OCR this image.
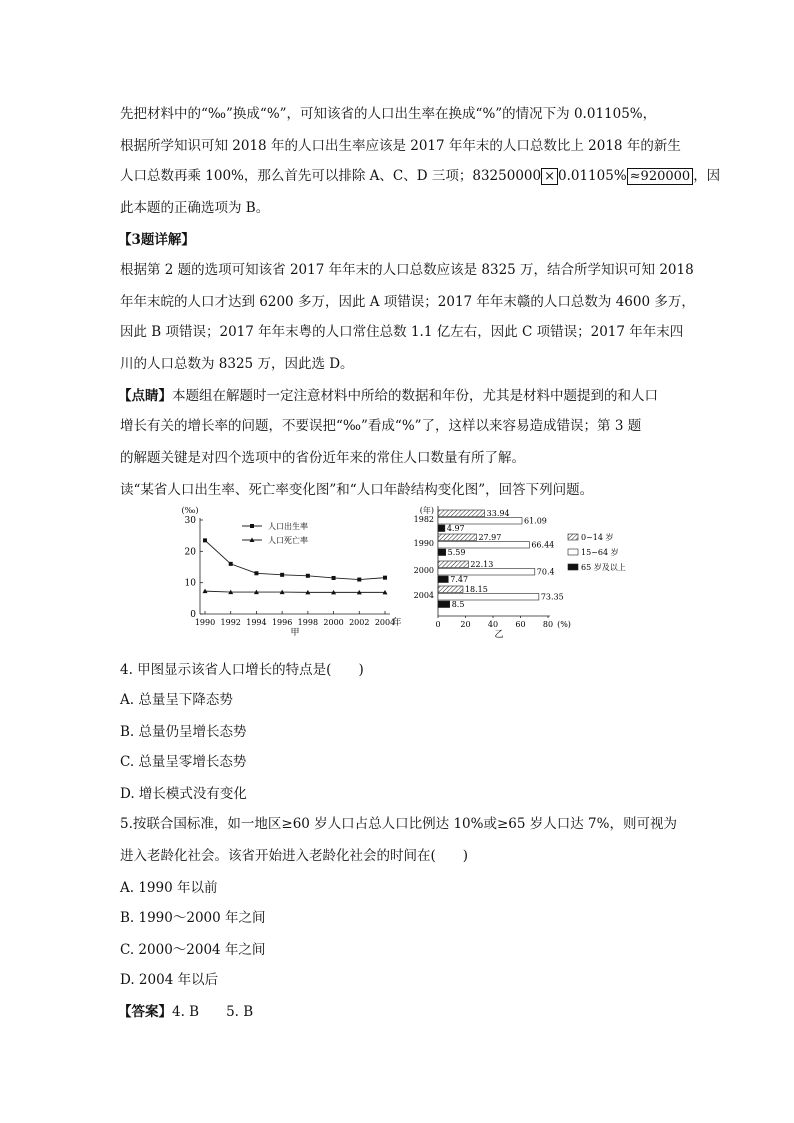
先把材料中的“‰”换成“%”，可知该省的人口出生率在换成“%”的情况下为 0.01105%，
根据所学知识可知 2018 年的人口出生率应该是 2017 年年末的人口总数比上 2018 年的新生
人口总数再乘 100%，那么首先可以排除 A、C、D 三项；83250000 × 0.01105% ≈920000 ，因
此本题的正确选项为 B。
【3题详解】
根据第 2 题的选项可知该省 2017 年年末的人口总数应该是 8325 万，结合所学知识可知 2018
年年末皖的人口才达到 6200 多万，因此 A 项错误；2017 年年末赣的人口总数为 4600 多万，
因此 B 项错误；2017 年年末粤的人口常住总数 1.1 亿左右，因此 C 项错误；2017 年年末四
川的人口总数为 8325 万，因此选 D。
【点睛】本题组在解题时一定注意材料中所给的数据和年份，尤其是材料中题提到的和人口
增长有关的增长率的问题，不要误把“‰”看成“%”了，这样以来容易造成错误；第 3 题
的解题关键是对四个选项中的省份近年来的常住人口数量有所了解。
读“某省人口出生率、死亡率变化图”和“人口年龄结构变化图”，回答下列问题。
(‰)
0
10
20
30
1990 1992 1994 1996 1998 2000 2002 2004
年
甲
人口出生率
人口死亡率
(年)
0 20 40 60 80 (%)
乙
1982
33.94
61.09
4.97
1990
27.97
66.44
5.59
2000
22.13
70.4
7.47
2004
18.15
73.35
8.5
0~14 岁
15~64 岁
65 岁及以上
4. 甲图显示该省人口增长的特点是(　　)
A. 总量呈下降态势
B. 总量仍呈增长态势
C. 总量呈零增长态势
D. 增长模式没有变化
5.按联合国标准，如一地区≥60 岁人口占总人口比例达 10%或≥65 岁人口达 7%，则可视为
进入老龄化社会。该省开始进入老龄化社会的时间在(　　)
A. 1990 年以前
B. 1990～2000 年之间
C. 2000～2004 年之间
D. 2004 年以后
【答案】4. B　　5. B
